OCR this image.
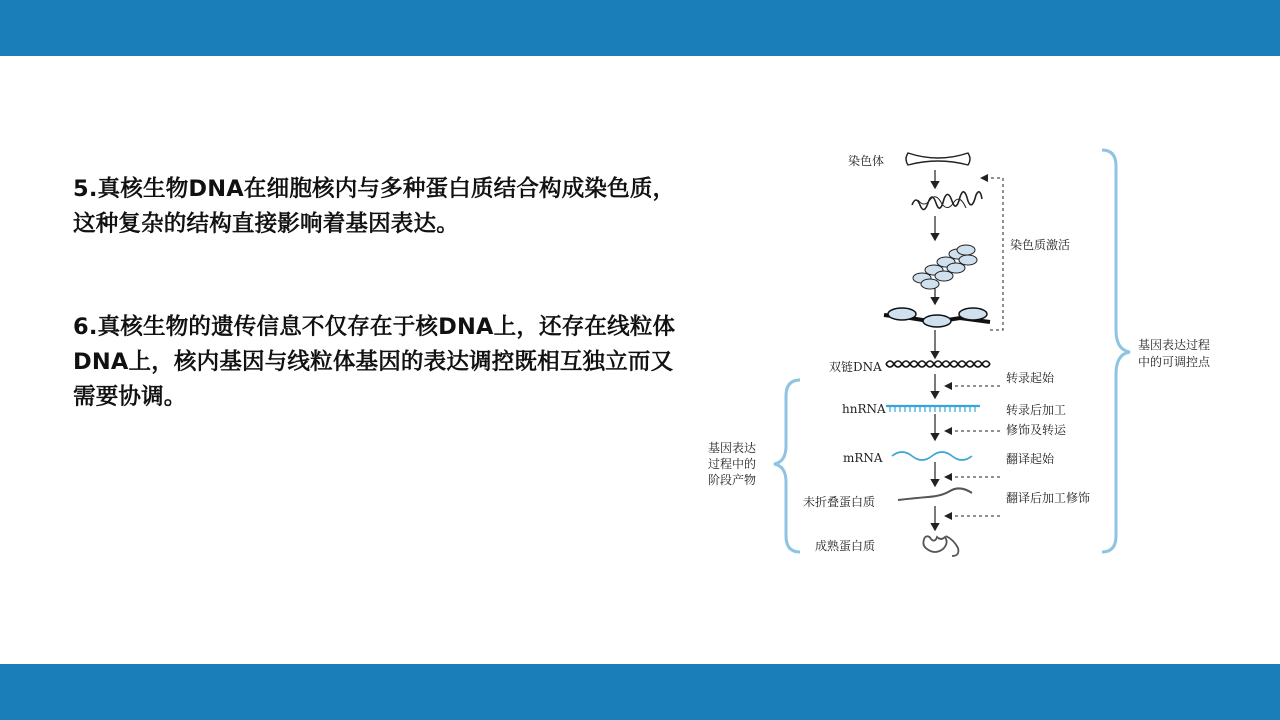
5.真核生物DNA在细胞核内与多种蛋白质结合构成染色质，这种复杂的结构直接影响着基因表达。
6.真核生物的遗传信息不仅存在于核DNA上，还存在线粒体DNA上，核内基因与线粒体基因的表达调控既相互独立而又需要协调。
染色体
染色质激活
双链DNA
hnRNA
mRNA
未折叠蛋白质
成熟蛋白质
转录起始
转录后加工
修饰及转运
翻译起始
翻译后加工修饰
基因表达过程
中的可调控点
基因表达
过程中的
阶段产物
